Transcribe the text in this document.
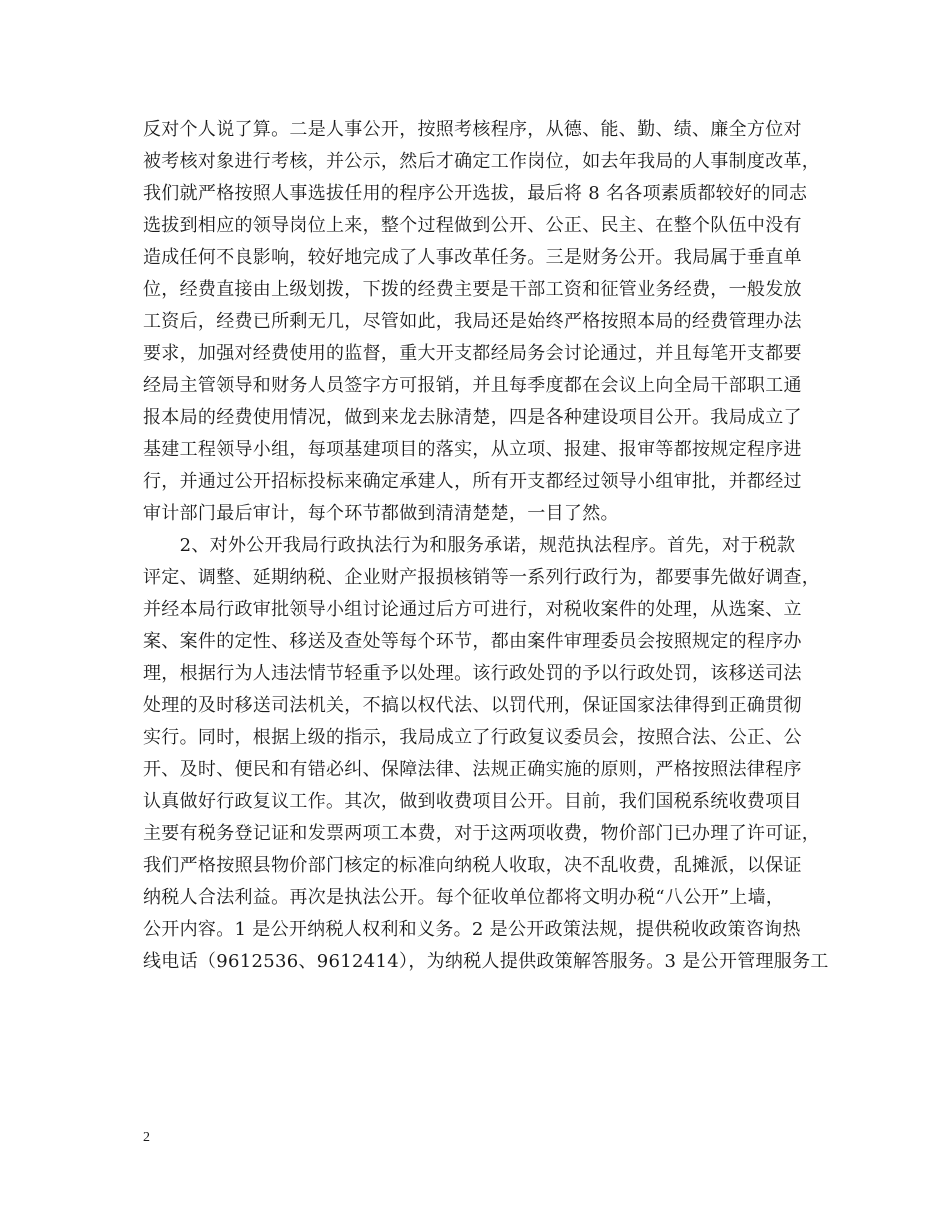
反对个人说了算。二是人事公开，按照考核程序，从德、能、勤、绩、廉全方位对
被考核对象进行考核，并公示，然后才确定工作岗位，如去年我局的人事制度改革，
我们就严格按照人事选拔任用的程序公开选拔，最后将 8 名各项素质都较好的同志
选拔到相应的领导岗位上来，整个过程做到公开、公正、民主、在整个队伍中没有
造成任何不良影响，较好地完成了人事改革任务。三是财务公开。我局属于垂直单
位，经费直接由上级划拨，下拨的经费主要是干部工资和征管业务经费，一般发放
工资后，经费已所剩无几，尽管如此，我局还是始终严格按照本局的经费管理办法
要求，加强对经费使用的监督，重大开支都经局务会讨论通过，并且每笔开支都要
经局主管领导和财务人员签字方可报销，并且每季度都在会议上向全局干部职工通
报本局的经费使用情况，做到来龙去脉清楚，四是各种建设项目公开。我局成立了
基建工程领导小组，每项基建项目的落实，从立项、报建、报审等都按规定程序进
行，并通过公开招标投标来确定承建人，所有开支都经过领导小组审批，并都经过
审计部门最后审计，每个环节都做到清清楚楚，一目了然。
　　2、对外公开我局行政执法行为和服务承诺，规范执法程序。首先，对于税款
评定、调整、延期纳税、企业财产报损核销等一系列行政行为，都要事先做好调查，
并经本局行政审批领导小组讨论通过后方可进行，对税收案件的处理，从选案、立
案、案件的定性、移送及查处等每个环节，都由案件审理委员会按照规定的程序办
理，根据行为人违法情节轻重予以处理。该行政处罚的予以行政处罚，该移送司法
处理的及时移送司法机关，不搞以权代法、以罚代刑，保证国家法律得到正确贯彻
实行。同时，根据上级的指示，我局成立了行政复议委员会，按照合法、公正、公
开、及时、便民和有错必纠、保障法律、法规正确实施的原则，严格按照法律程序
认真做好行政复议工作。其次，做到收费项目公开。目前，我们国税系统收费项目
主要有税务登记证和发票两项工本费，对于这两项收费，物价部门已办理了许可证，
我们严格按照县物价部门核定的标准向纳税人收取，决不乱收费，乱摊派，以保证
纳税人合法利益。再次是执法公开。每个征收单位都将文明办税“八公开”上墙，
公开内容。1 是公开纳税人权利和义务。2 是公开政策法规，提供税收政策咨询热
线电话（9612536、9612414），为纳税人提供政策解答服务。3 是公开管理服务工
2
